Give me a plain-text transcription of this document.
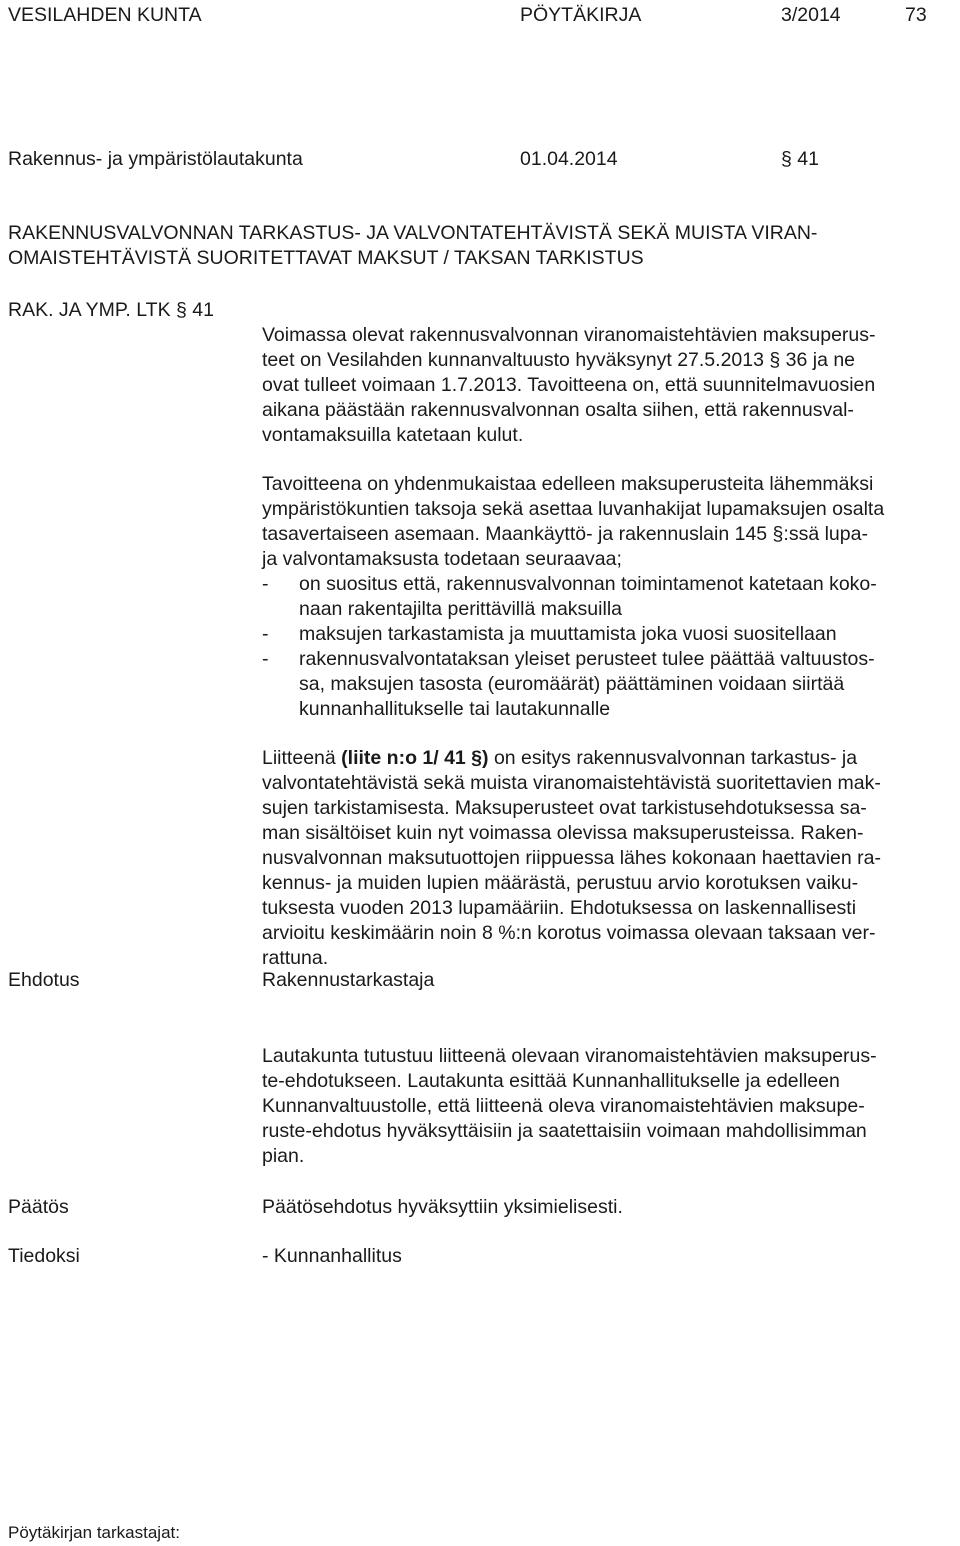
VESILAHDEN KUNTA	PÖYTÄKIRJA	3/2014	73
Rakennus- ja ympäristölautakunta	01.04.2014	§ 41
RAKENNUSVALVONNAN TARKASTUS- JA VALVONTATEHTÄVISTÄ SEKÄ MUISTA VIRAN-
OMAISTEHTÄVISTÄ SUORITETTAVAT MAKSUT / TAKSAN TARKISTUS
RAK. JA YMP. LTK § 41
Voimassa olevat rakennusvalvonnan viranomaistehtävien maksuperus-
teet on Vesilahden kunnanvaltuusto hyväksynyt 27.5.2013 § 36 ja ne
ovat tulleet voimaan 1.7.2013. Tavoitteena on, että suunnitelmavuosien
aikana päästään rakennusvalvonnan osalta siihen, että rakennusval-
vontamaksuilla katetaan kulut.
Tavoitteena on yhdenmukaistaa edelleen maksuperusteita lähemmäksi
ympäristökuntien taksoja sekä asettaa luvanhakijat lupamaksujen osalta
tasavertaiseen asemaan. Maankäyttö- ja rakennuslain 145 §:ssä lupa-
ja valvontamaksusta todetaan seuraavaa;
- on suositus että, rakennusvalvonnan toimintamenot katetaan koko-
naan rakentajilta perittävillä maksuilla
- maksujen tarkastamista ja muuttamista joka vuosi suositellaan
- rakennusvalvontataksan yleiset perusteet tulee päättää valtuustos-
sa, maksujen tasosta (euromäärät) päättäminen voidaan siirtää
kunnanhallitukselle tai lautakunnalle
Liitteenä (liite n:o 1/ 41 §) on esitys rakennusvalvonnan tarkastus- ja
valvontatehtävistä sekä muista viranomaistehtävistä suoritettavien mak-
sujen tarkistamisesta. Maksuperusteet ovat tarkistusehdotuksessa sa-
man sisältöiset kuin nyt voimassa olevissa maksuperusteissa. Raken-
nusvalvonnan maksutuottojen riippuessa lähes kokonaan haettavien ra-
kennus- ja muiden lupien määrästä, perustuu arvio korotuksen vaiku-
tuksesta vuoden 2013 lupamääriin. Ehdotuksessa on laskennallisesti
arvioitu keskimäärin noin 8 %:n korotus voimassa olevaan taksaan ver-
rattuna.
Ehdotus	Rakennustarkastaja
Lautakunta tutustuu liitteenä olevaan viranomaistehtävien maksuperus-
te-ehdotukseen. Lautakunta esittää Kunnanhallitukselle ja edelleen
Kunnanvaltuustolle, että liitteenä oleva viranomaistehtävien maksupe-
ruste-ehdotus hyväksyttäisiin ja saatettaisiin voimaan mahdollisimman
pian.
Päätös	Päätösehdotus hyväksyttiin yksimielisesti.
Tiedoksi	- Kunnanhallitus
Pöytäkirjan tarkastajat:
